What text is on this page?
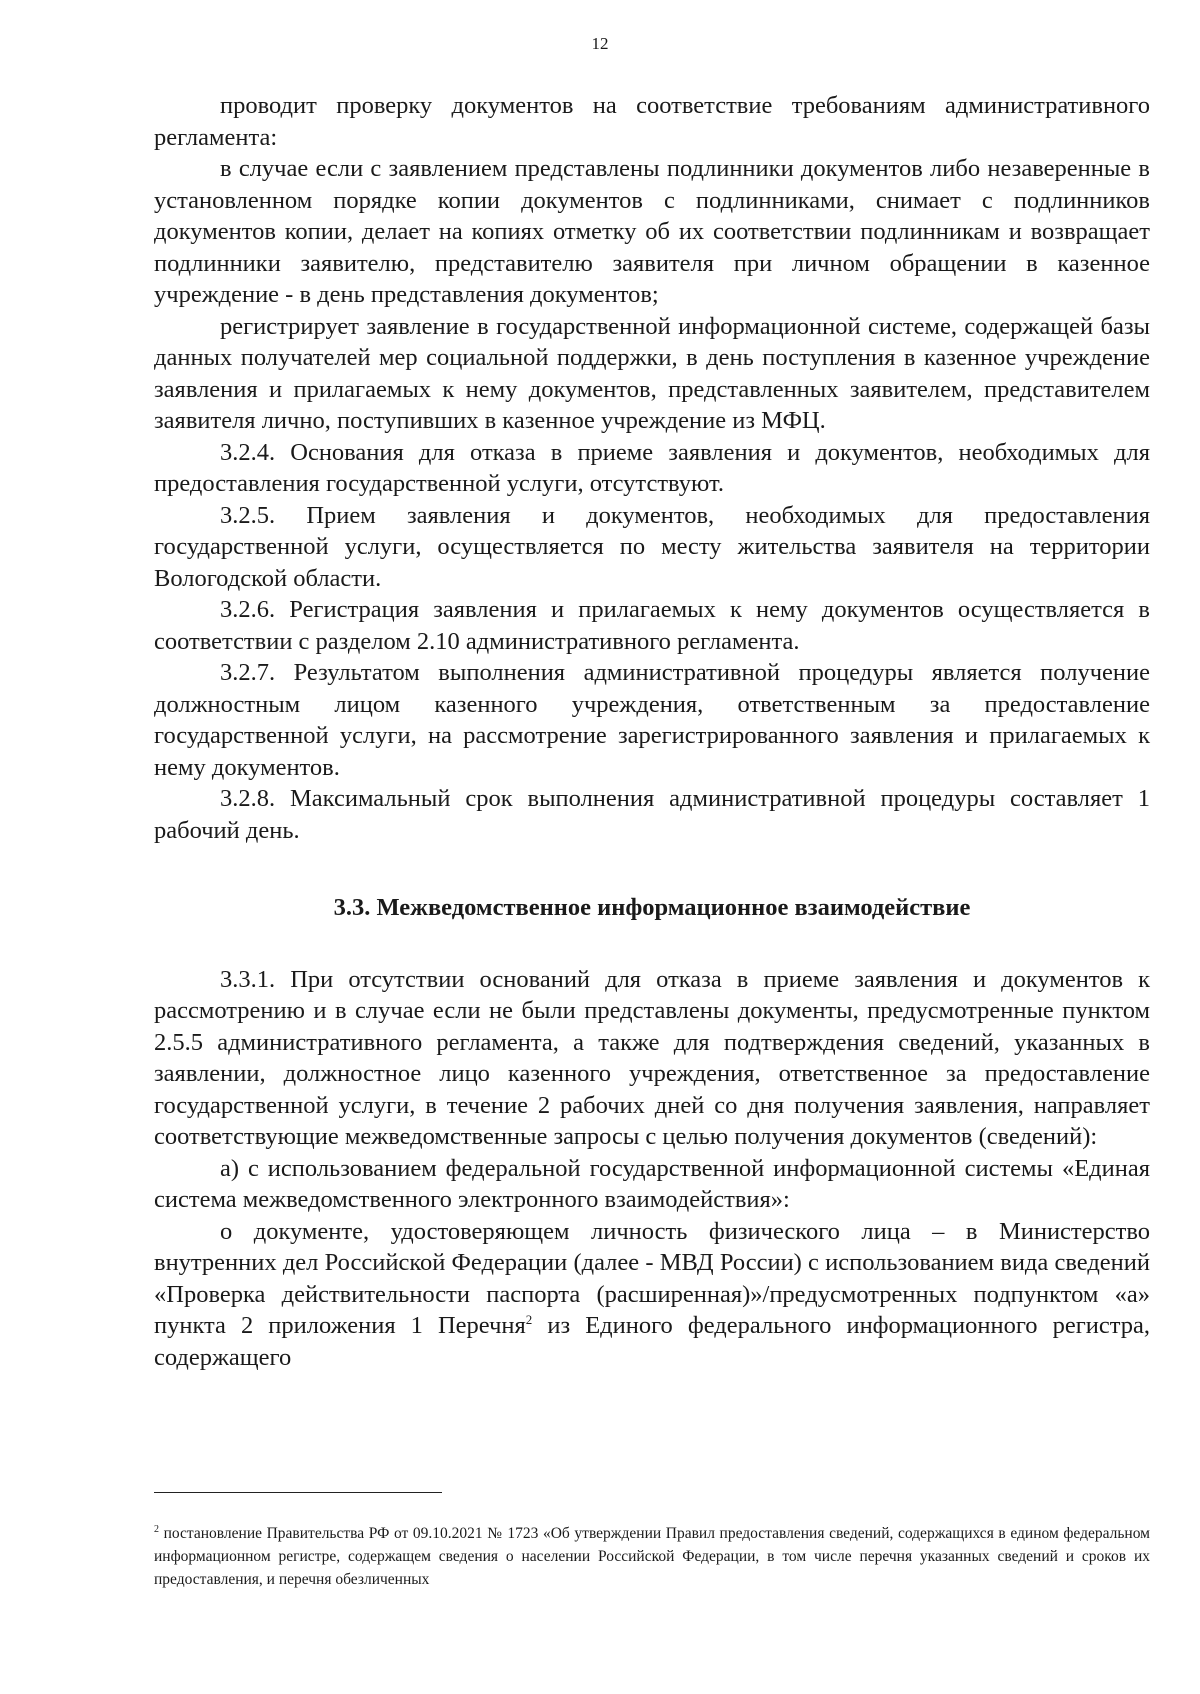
12

проводит проверку документов на соответствие требованиям административного регламента:

в случае если с заявлением представлены подлинники документов либо незаверенные в установленном порядке копии документов с подлинниками, снимает с подлинников документов копии, делает на копиях отметку об их соответствии подлинникам и возвращает подлинники заявителю, представителю заявителя при личном обращении в казенное учреждение - в день представления документов;

регистрирует заявление в государственной информационной системе, содержащей базы данных получателей мер социальной поддержки, в день поступления в казенное учреждение заявления и прилагаемых к нему документов, представленных заявителем, представителем заявителя лично, поступивших в казенное учреждение из МФЦ.

3.2.4. Основания для отказа в приеме заявления и документов, необходимых для предоставления государственной услуги, отсутствуют.

3.2.5. Прием заявления и документов, необходимых для предоставления государственной услуги, осуществляется по месту жительства заявителя на территории Вологодской области.

3.2.6. Регистрация заявления и прилагаемых к нему документов осуществляется в соответствии с разделом 2.10 административного регламента.

3.2.7. Результатом выполнения административной процедуры является получение должностным лицом казенного учреждения, ответственным за предоставление государственной услуги, на рассмотрение зарегистрированного заявления и прилагаемых к нему документов.

3.2.8. Максимальный срок выполнения административной процедуры составляет 1 рабочий день.

3.3. Межведомственное информационное взаимодействие

3.3.1. При отсутствии оснований для отказа в приеме заявления и документов к рассмотрению и в случае если не были представлены документы, предусмотренные пунктом 2.5.5 административного регламента, а также для подтверждения сведений, указанных в заявлении, должностное лицо казенного учреждения, ответственное за предоставление государственной услуги, в течение 2 рабочих дней со дня получения заявления, направляет соответствующие межведомственные запросы с целью получения документов (сведений):

а) с использованием федеральной государственной информационной системы «Единая система межведомственного электронного взаимодействия»:

о документе, удостоверяющем личность физического лица – в Министерство внутренних дел Российской Федерации (далее - МВД России) с использованием вида сведений «Проверка действительности паспорта (расширенная)»/предусмотренных подпунктом «а» пункта 2 приложения 1 Перечня$^2$ из Единого федерального информационного регистра, содержащего

$^2$ постановление Правительства РФ от 09.10.2021 № 1723 «Об утверждении Правил предоставления сведений, содержащихся в едином федеральном информационном регистре, содержащем сведения о населении Российской Федерации, в том числе перечня указанных сведений и сроков их предоставления, и перечня обезличенных
